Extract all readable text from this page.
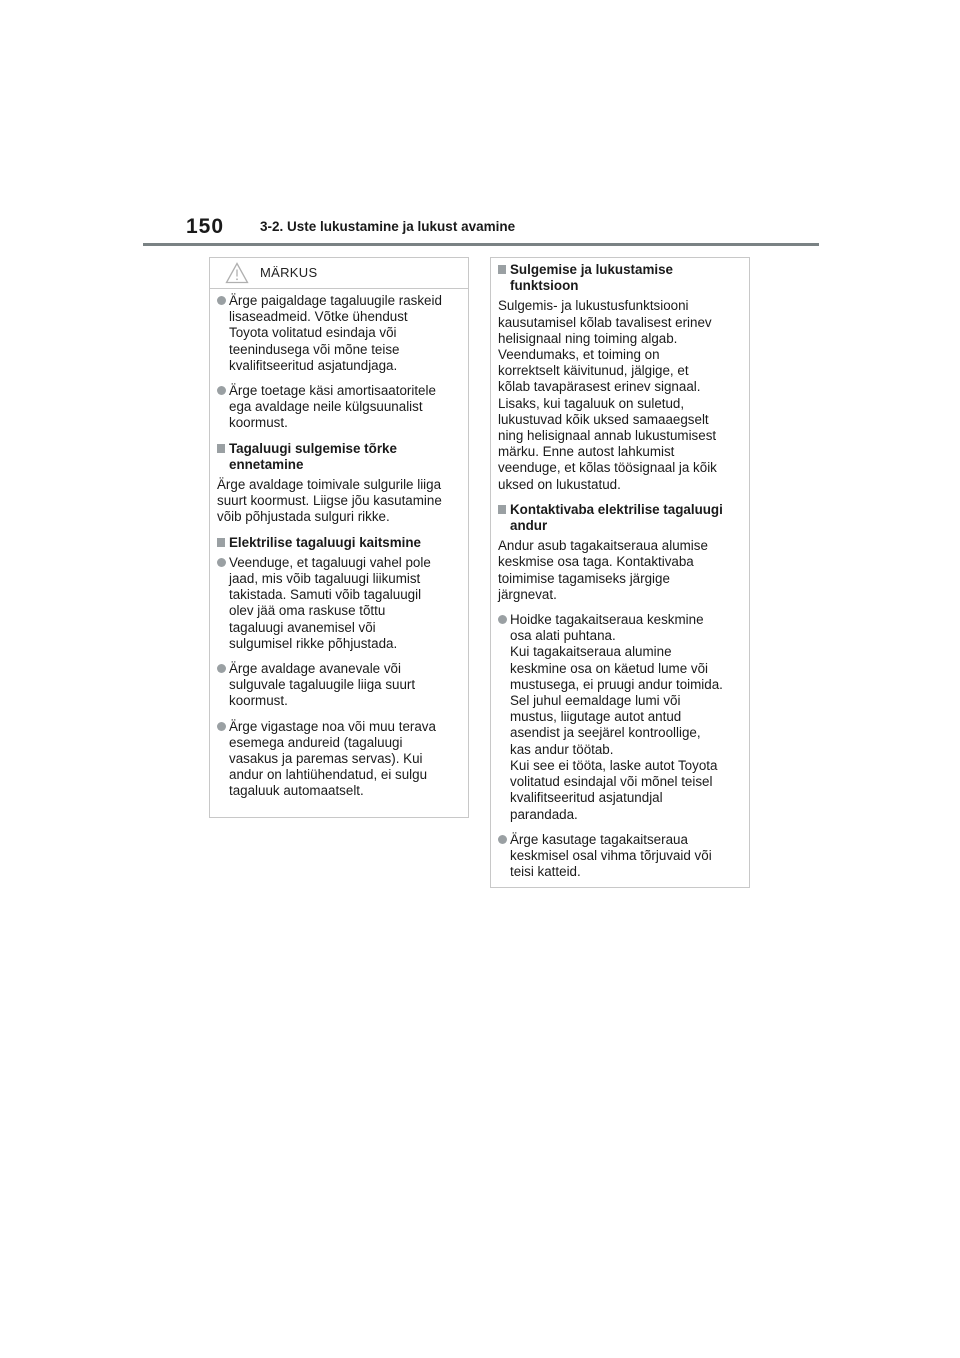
150	3-2. Uste lukustamine ja lukust avamine
MÄRKUS
Ärge paigaldage tagaluugile raskeid
lisaseadmeid. Võtke ühendust
Toyota volitatud esindaja või
teenindusega või mõne teise
kvalifitseeritud asjatundjaga.
Ärge toetage käsi amortisaatoritele
ega avaldage neile külgsuunalist
koormust.
Tagaluugi sulgemise tõrke
ennetamine
Ärge avaldage toimivale sulgurile liiga
suurt koormust. Liigse jõu kasutamine
võib põhjustada sulguri rikke.
Elektrilise tagaluugi kaitsmine
Veenduge, et tagaluugi vahel pole
jaad, mis võib tagaluugi liikumist
takistada. Samuti võib tagaluugil
olev jää oma raskuse tõttu
tagaluugi avanemisel või
sulgumisel rikke põhjustada.
Ärge avaldage avanevale või
sulguvale tagaluugile liiga suurt
koormust.
Ärge vigastage noa või muu terava
esemega andureid (tagaluugi
vasakus ja paremas servas). Kui
andur on lahtiühendatud, ei sulgu
tagaluuk automaatselt.
Sulgemise ja lukustamise
funktsioon
Sulgemis- ja lukustusfunktsiooni
kausutamisel kõlab tavalisest erinev
helisignaal ning toiming algab.
Veendumaks, et toiming on
korrektselt käivitunud, jälgige, et
kõlab tavapärasest erinev signaal.
Lisaks, kui tagaluuk on suletud,
lukustuvad kõik uksed samaaegselt
ning helisignaal annab lukustumisest
märku. Enne autost lahkumist
veenduge, et kõlas töösignaal ja kõik
uksed on lukustatud.
Kontaktivaba elektrilise tagaluugi
andur
Andur asub tagakaitseraua alumise
keskmise osa taga. Kontaktivaba
toimimise tagamiseks järgige
järgnevat.
Hoidke tagakaitseraua keskmine
osa alati puhtana.
Kui tagakaitseraua alumine
keskmine osa on käetud lume või
mustusega, ei pruugi andur toimida.
Sel juhul eemaldage lumi või
mustus, liigutage autot antud
asendist ja seejärel kontroollige,
kas andur töötab.
Kui see ei tööta, laske autot Toyota
volitatud esindajal või mõnel teisel
kvalifitseeritud asjatundjal
parandada.
Ärge kasutage tagakaitseraua
keskmisel osal vihma tõrjuvaid või
teisi katteid.
